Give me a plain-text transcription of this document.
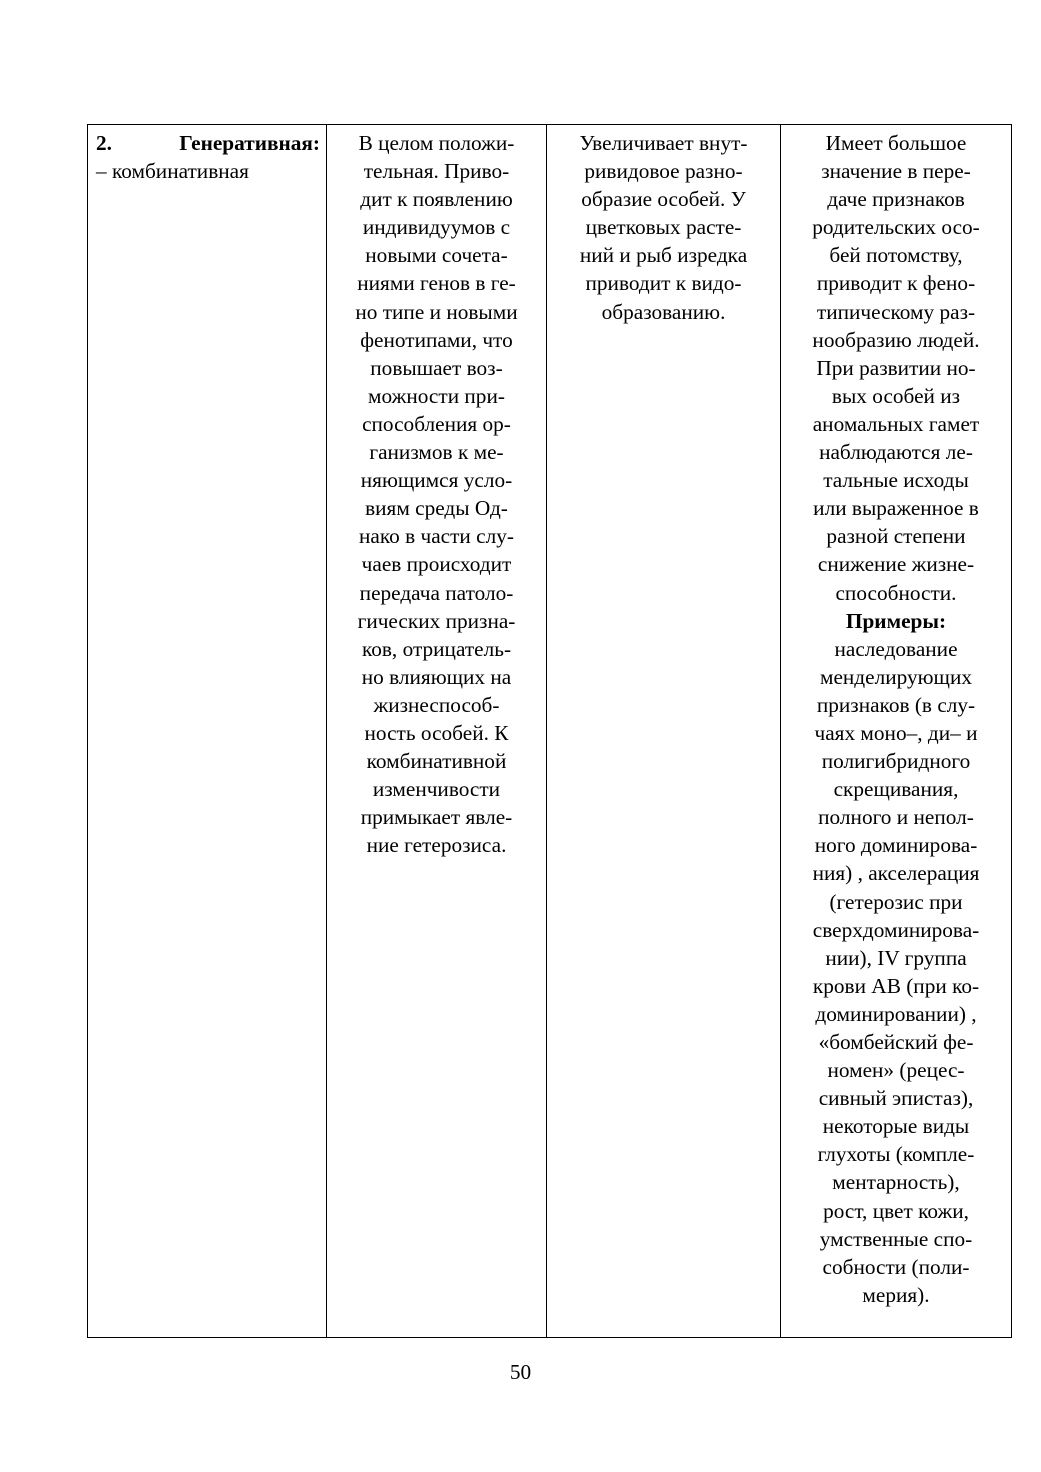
2.	Генеративная:
– комбинативная

В целом положи-
тельная. Приво-
дит к появлению
индивидуумов с
новыми сочета-
ниями генов в ге-
но типе и новыми
фенотипами, что
повышает воз-
можности при-
способления ор-
ганизмов к ме-
няющимся усло-
виям среды Од-
нако в части слу-
чаев происходит
передача патоло-
гических призна-
ков, отрицатель-
но влияющих на
жизнеспособ-
ность особей. К
комбинативной
изменчивости
примыкает явле-
ние гетерозиса.

Увеличивает внут-
ривидовое разно-
образие особей. У
цветковых расте-
ний и рыб изредка
приводит к видо-
образованию.

Имеет большое
значение в пере-
даче признаков
родительских осо-
бей потомству,
приводит к фено-
типическому раз-
нообразию людей.
При развитии но-
вых особей из
аномальных гамет
наблюдаются ле-
тальные исходы
или выраженное в
разной степени
снижение жизне-
способности.
Примеры:
наследование
менделирующих
признаков (в слу-
чаях моно–, ди– и
полигибридного
скрещивания,
полного и непол-
ного доминирова-
ния) , акселерация
(гетерозис при
сверхдоминирова-
нии), IV группа
крови АВ (при ко-
доминировании) ,
«бомбейский фе-
номен» (рецес-
сивный эпистаз),
некоторые виды
глухоты (компле-
ментарность),
рост, цвет кожи,
умственные спо-
собности (поли-
мерия).
50
